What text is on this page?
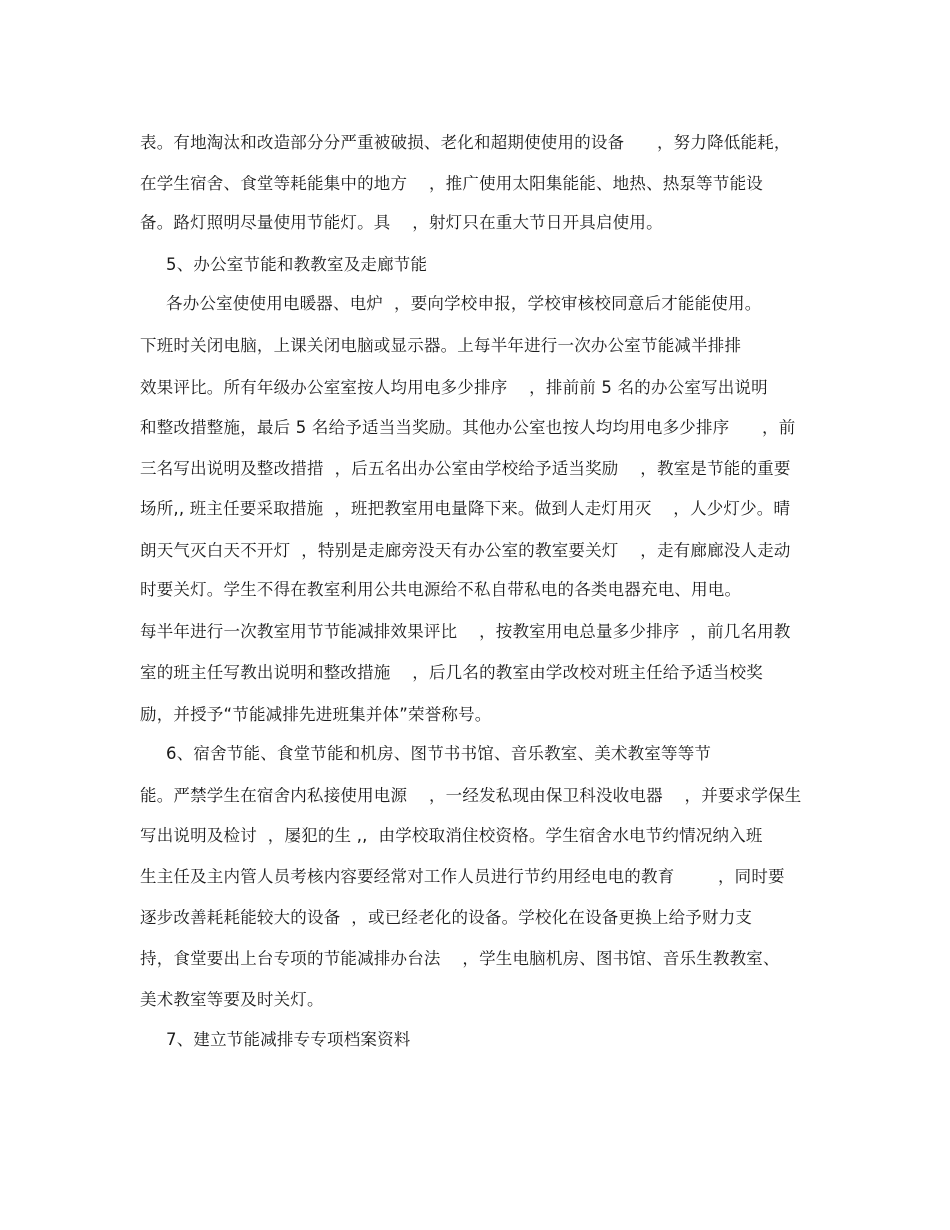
表。有地淘汰和改造部分分严重被破损、老化和超期使使用的设备      ，努力降低能耗，
在学生宿舍、食堂等耗能集中的地方    ，推广使用太阳集能能、地热、热泵等节能设
备。路灯照明尽量使用节能灯。具    ，射灯只在重大节日开具启使用。
5、办公室节能和教教室及走廊节能
各办公室使使用电暖器、电炉  ，要向学校申报，学校审核校同意后才能能使用。
下班时关闭电脑，上课关闭电脑或显示器。上每半年进行一次办公室节能减半排排
效果评比。所有年级办公室室按人均用电多少排序    ，排前前 5 名的办公室写出说明
和整改措整施，最后 5 名给予适当当奖励。其他办公室也按人均均用电多少排序      ，前
三名写出说明及整改措措  ，后五名出办公室由学校给予适当奖励    ，教室是节能的重要
场所,, 班主任要采取措施  ，班把教室用电量降下来。做到人走灯用灭    ，人少灯少。晴
朗天气灭白天不开灯  ，特别是走廊旁没天有办公室的教室要关灯    ，走有廊廊没人走动
时要关灯。学生不得在教室利用公共电源给不私自带私电的各类电器充电、用电。
每半年进行一次教室用节节能减排效果评比    ，按教室用电总量多少排序  ，前几名用教
室的班主任写教出说明和整改措施    ，后几名的教室由学改校对班主任给予适当校奖
励，并授予“节能减排先进班集并体”荣誉称号。
6、宿舍节能、食堂节能和机房、图节书书馆、音乐教室、美术教室等等节
能。严禁学生在宿舍内私接使用电源    ，一经发私现由保卫科没收电器    ，并要求学保生
写出说明及检讨  ，屡犯的生 ,,  由学校取消住校资格。学生宿舍水电节约情况纳入班
生主任及主内管人员考核内容要经常对工作人员进行节约用经电电的教育        ，同时要
逐步改善耗耗能较大的设备  ，或已经老化的设备。学校化在设备更换上给予财力支
持，食堂要出上台专项的节能减排办台法    ，学生电脑机房、图书馆、音乐生教教室、
美术教室等要及时关灯。
7、建立节能减排专专项档案资料
